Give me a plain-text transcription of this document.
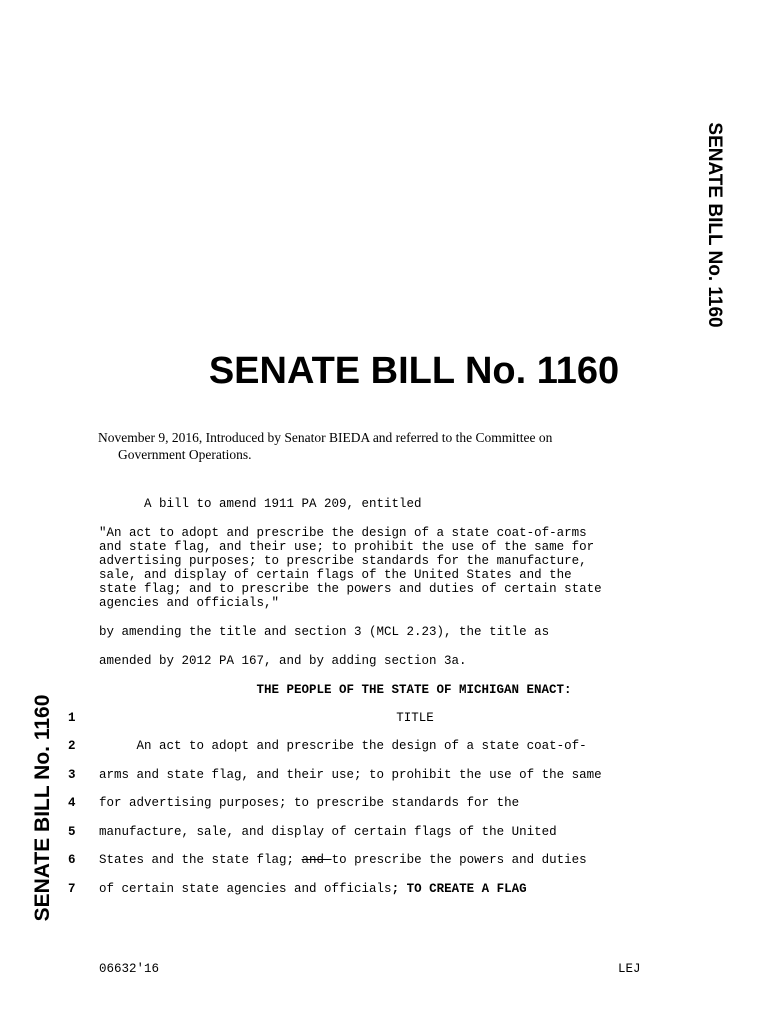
SENATE BILL No. 1160
SENATE BILL No. 1160
SENATE BILL No. 1160
November 9, 2016, Introduced by Senator BIEDA and referred to the Committee on
Government Operations.
A bill to amend 1911 PA 209, entitled
"An act to adopt and prescribe the design of a state coat-of-arms
and state flag, and their use; to prohibit the use of the same for
advertising purposes; to prescribe standards for the manufacture,
sale, and display of certain flags of the United States and the
state flag; and to prescribe the powers and duties of certain state
agencies and officials,"
by amending the title and section 3 (MCL 2.23), the title as
amended by 2012 PA 167, and by adding section 3a.
THE PEOPLE OF THE STATE OF MICHIGAN ENACT:
1	TITLE
2 An act to adopt and prescribe the design of a state coat-of-
3 arms and state flag, and their use; to prohibit the use of the same
4 for advertising purposes; to prescribe standards for the
5 manufacture, sale, and display of certain flags of the United
6 States and the state flag; and to prescribe the powers and duties
7 of certain state agencies and officials; TO CREATE A FLAG
06632'16	LEJ
